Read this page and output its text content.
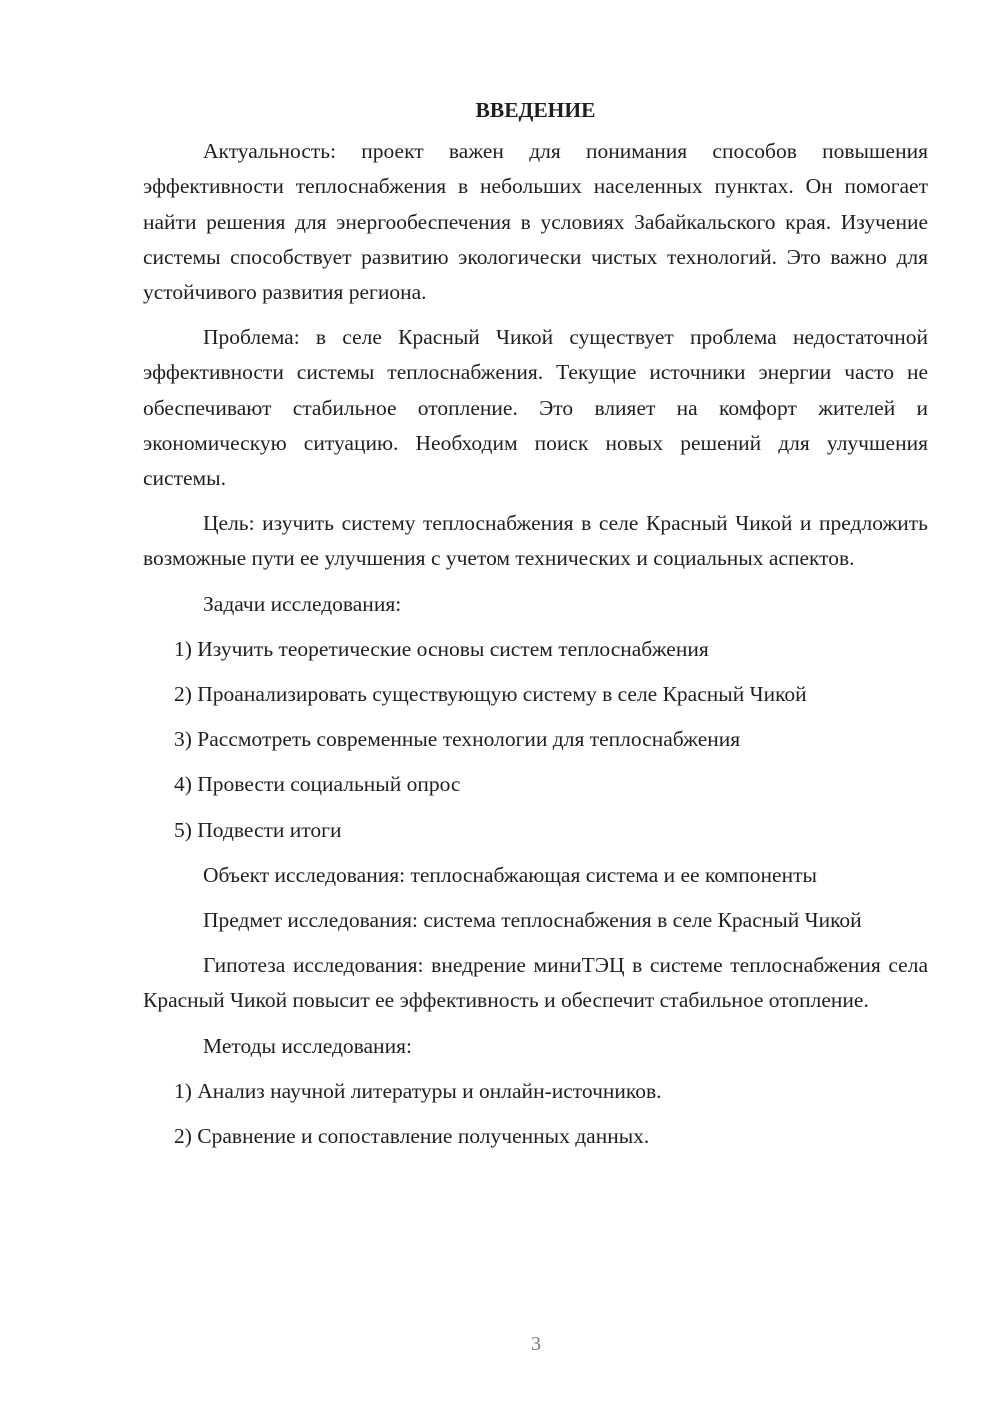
ВВЕДЕНИЕ

Актуальность: проект важен для понимания способов повышения эффективности теплоснабжения в небольших населенных пунктах. Он помогает найти решения для энергообеспечения в условиях Забайкальского края. Изучение системы способствует развитию экологически чистых технологий. Это важно для устойчивого развития региона.

Проблема: в селе Красный Чикой существует проблема недостаточной эффективности системы теплоснабжения. Текущие источники энергии часто не обеспечивают стабильное отопление. Это влияет на комфорт жителей и экономическую ситуацию. Необходим поиск новых решений для улучшения системы.

Цель: изучить систему теплоснабжения в селе Красный Чикой и предложить возможные пути ее улучшения с учетом технических и социальных аспектов.

Задачи исследования:

1) Изучить теоретические основы систем теплоснабжения

2) Проанализировать существующую систему в селе Красный Чикой

3) Рассмотреть современные технологии для теплоснабжения

4) Провести социальный опрос

5) Подвести итоги

Объект исследования: теплоснабжающая система и ее компоненты

Предмет исследования: система теплоснабжения в селе Красный Чикой

Гипотеза исследования: внедрение миниТЭЦ в системе теплоснабжения села Красный Чикой повысит ее эффективность и обеспечит стабильное отопление.

Методы исследования:

1) Анализ научной литературы и онлайн-источников.

2) Сравнение и сопоставление полученных данных.

3
